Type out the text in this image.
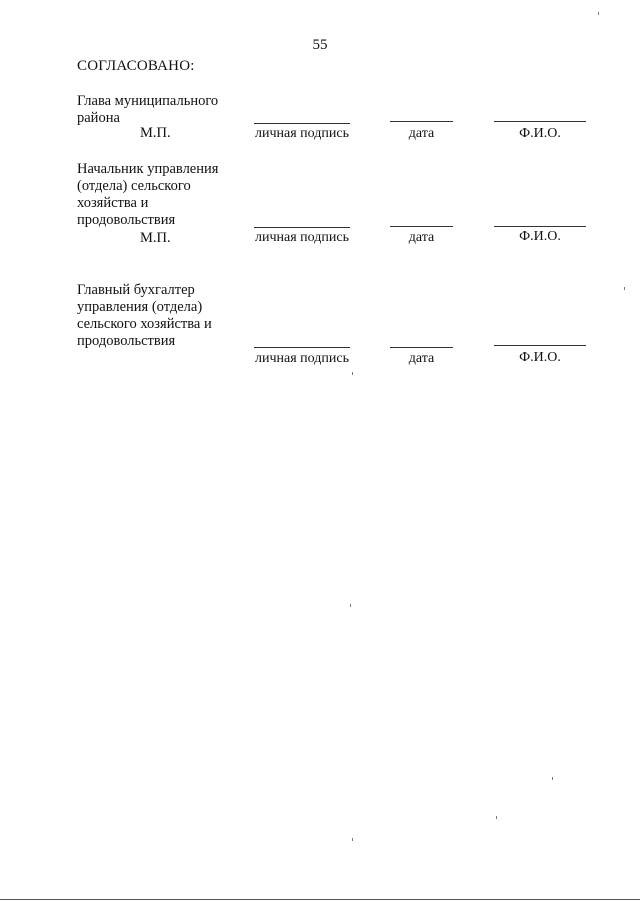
55
СОГЛАСОВАНО:
Глава муниципального
района
М.П.	личная подпись	дата	Ф.И.О.
Начальник управления
(отдела) сельского
хозяйства и
продовольствия
М.П.	личная подпись	дата	Ф.И.О.
Главный бухгалтер
управления (отдела)
сельского хозяйства и
продовольствия
личная подпись	дата	Ф.И.О.
